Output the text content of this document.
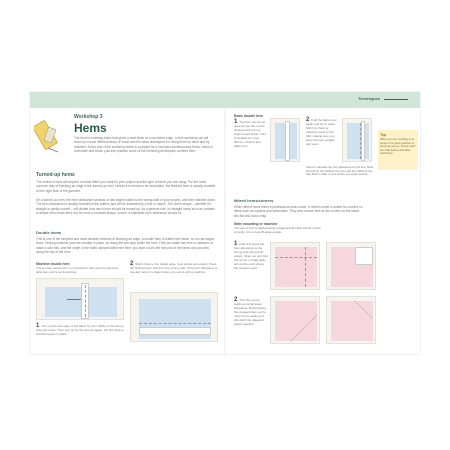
Techniques
Workshop 3
Hems
The hem is a sewing basic that gives a neat finish to a raw fabric edge. In this workshop we will show you some different kinds of home and the basic techniques for doing them by hand and by machine. At the end of the workshop there is a project for a luxurious contemporary throw, which is reversible and which puts into practice some of the hemming techniques covered here.
Turned-up hems
The choice of hem will depend on what effect you want for your project and the type of fabric you are using. For the most common way of finishing an edge is the turned-up hem. Unless it is meant to be decorative, the finished hem is usually invisible on the right side of the garment.
On a turned-up hem, the hem allowance consists of raw edges folded to the wrong side of your project, and then stitched down. The hem allowance is usually included in the pattern and will be indicated by a line or marks. The hem's shape – whether it's straight or gently curved – will dictate how much hem should be turned up. As a general rule, on straight hems such as curtains a deeper hem works best, but for more a rounded shape, curves, a shallower hem allowance should be.
Double hems
This is one of the simplest and most durable methods of finishing an edge. A double hem is folded over twice, so no raw edges show. Sewing machine pins are needed in place, so doing the two step within the hem. First you make the hem to measure or make a size fold, and the depth of the fabric allowed within the hem; you start to turn the first part of the fabric and you sew along the top of the hem.
Machine double hem
This is a fast, secure hem on most fabrics. Also good for garments, table linen and home furnishings.
1 Turn up the raw edge of the fabric by 1cm (3/8in) to the wrong side and press. Then turn up by the amount again. Pin and tack to hold the layers in place.
2 Stitch close to the folded edge. Sew slowly and evenly. Press the finished hem well from the wrong side. If the hem allowance is needed, tack it in place before you sew it with a machine.
Basic double hem
1 The hem can be as deep as you like and is finished with the top edge turned under. This is suitable for most fabrics, curtains and table linen.
2 Fold the fabric over again and pin in place. Stitch by hand or machine close to the fold, making sure you keep the hem straight and even.
Used to calculate the hem allowance for the line. Mark the fold for the finished hem line and the stitching line with tailor's chalk or pins before you begin sewing.
Tip
When you are working on a project it is good practice to press as you go. Press each hem flat before and after stitching it.
Mitred hems/corners
While mitred hems finish a professional neat corner, a mitred corner is suited for corners on items such as napkins and tablecloths. They also reduce bulk at the corners so the fabric lies flat and looks crisp.
Mitre mounting or machine
The type of hem is stitched along a diagonal fold which should, if done correctly, form a neat 45-degree angle.
1 Fold and press the hem allowance to the wrong side along both edges. Open out and fold the corner in diagonally across the point where the creases meet.
2 Trim the corner, leaving a small seam allowance. Refold along the creased lines so the mitre forms neatly and slip stitch the diagonal edges together.
